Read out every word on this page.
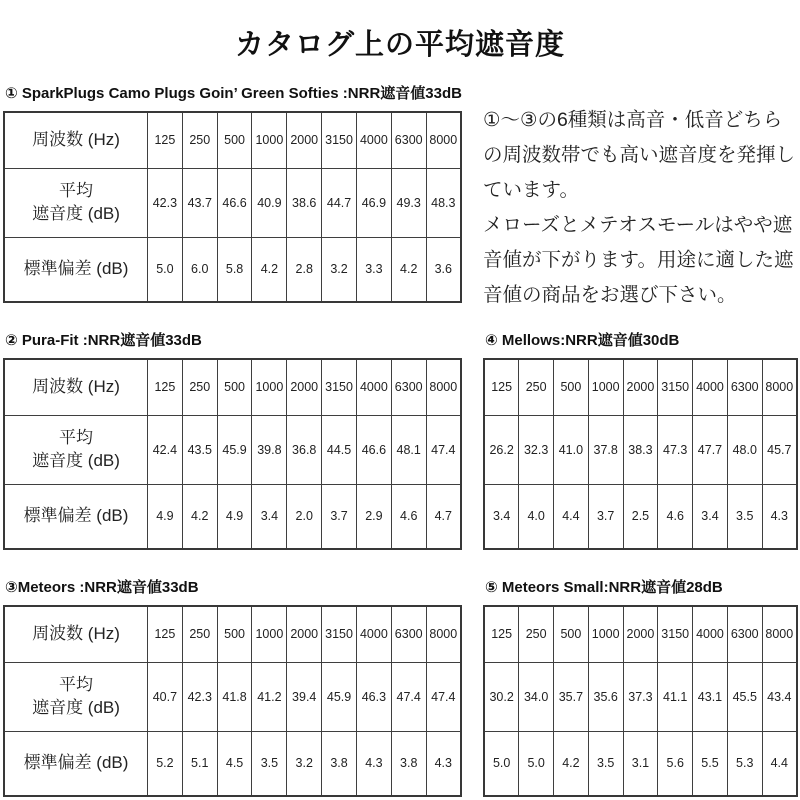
カタログ上の平均遮音度
① SparkPlugs Camo Plugs Goin’ Green Softies :NRR遮音値33dB
周波数 (Hz)	125	250	500	1000	2000	3150	4000	6300	8000

平均
遮音度 (dB)	42.3	43.7	46.6	40.9	38.6	44.7	46.9	49.3	48.3

標準偏差 (dB)	5.0	6.0	5.8	4.2	2.8	3.2	3.3	4.2	3.6

①～③の6種類は高音・低音どちらの周波数帯でも高い遮音度を発揮しています。

メローズとメテオスモールはやや遮音値が下がります。用途に適した遮音値の商品をお選び下さい。

② Pura-Fit :NRR遮音値33dB
周波数 (Hz)	125	250	500	1000	2000	3150	4000	6300	8000

平均
遮音度 (dB)	42.4	43.5	45.9	39.8	36.8	44.5	46.6	48.1	47.4

標準偏差 (dB)	4.9	4.2	4.9	3.4	2.0	3.7	2.9	4.6	4.7
④ Mellows:NRR遮音値30dB
125	250	500	1000	2000	3150	4000	6300	8000
26.2	32.3	41.0	37.8	38.3	47.3	47.7	48.0	45.7
3.4	4.0	4.4	3.7	2.5	4.6	3.4	3.5	4.3
③Meteors :NRR遮音値33dB
周波数 (Hz)	125	250	500	1000	2000	3150	4000	6300	8000

平均
遮音度 (dB)	40.7	42.3	41.8	41.2	39.4	45.9	46.3	47.4	47.4

標準偏差 (dB)	5.2	5.1	4.5	3.5	3.2	3.8	4.3	3.8	4.3
⑤ Meteors Small:NRR遮音値28dB
125	250	500	1000	2000	3150	4000	6300	8000
30.2	34.0	35.7	35.6	37.3	41.1	43.1	45.5	43.4
5.0	5.0	4.2	3.5	3.1	5.6	5.5	5.3	4.4
